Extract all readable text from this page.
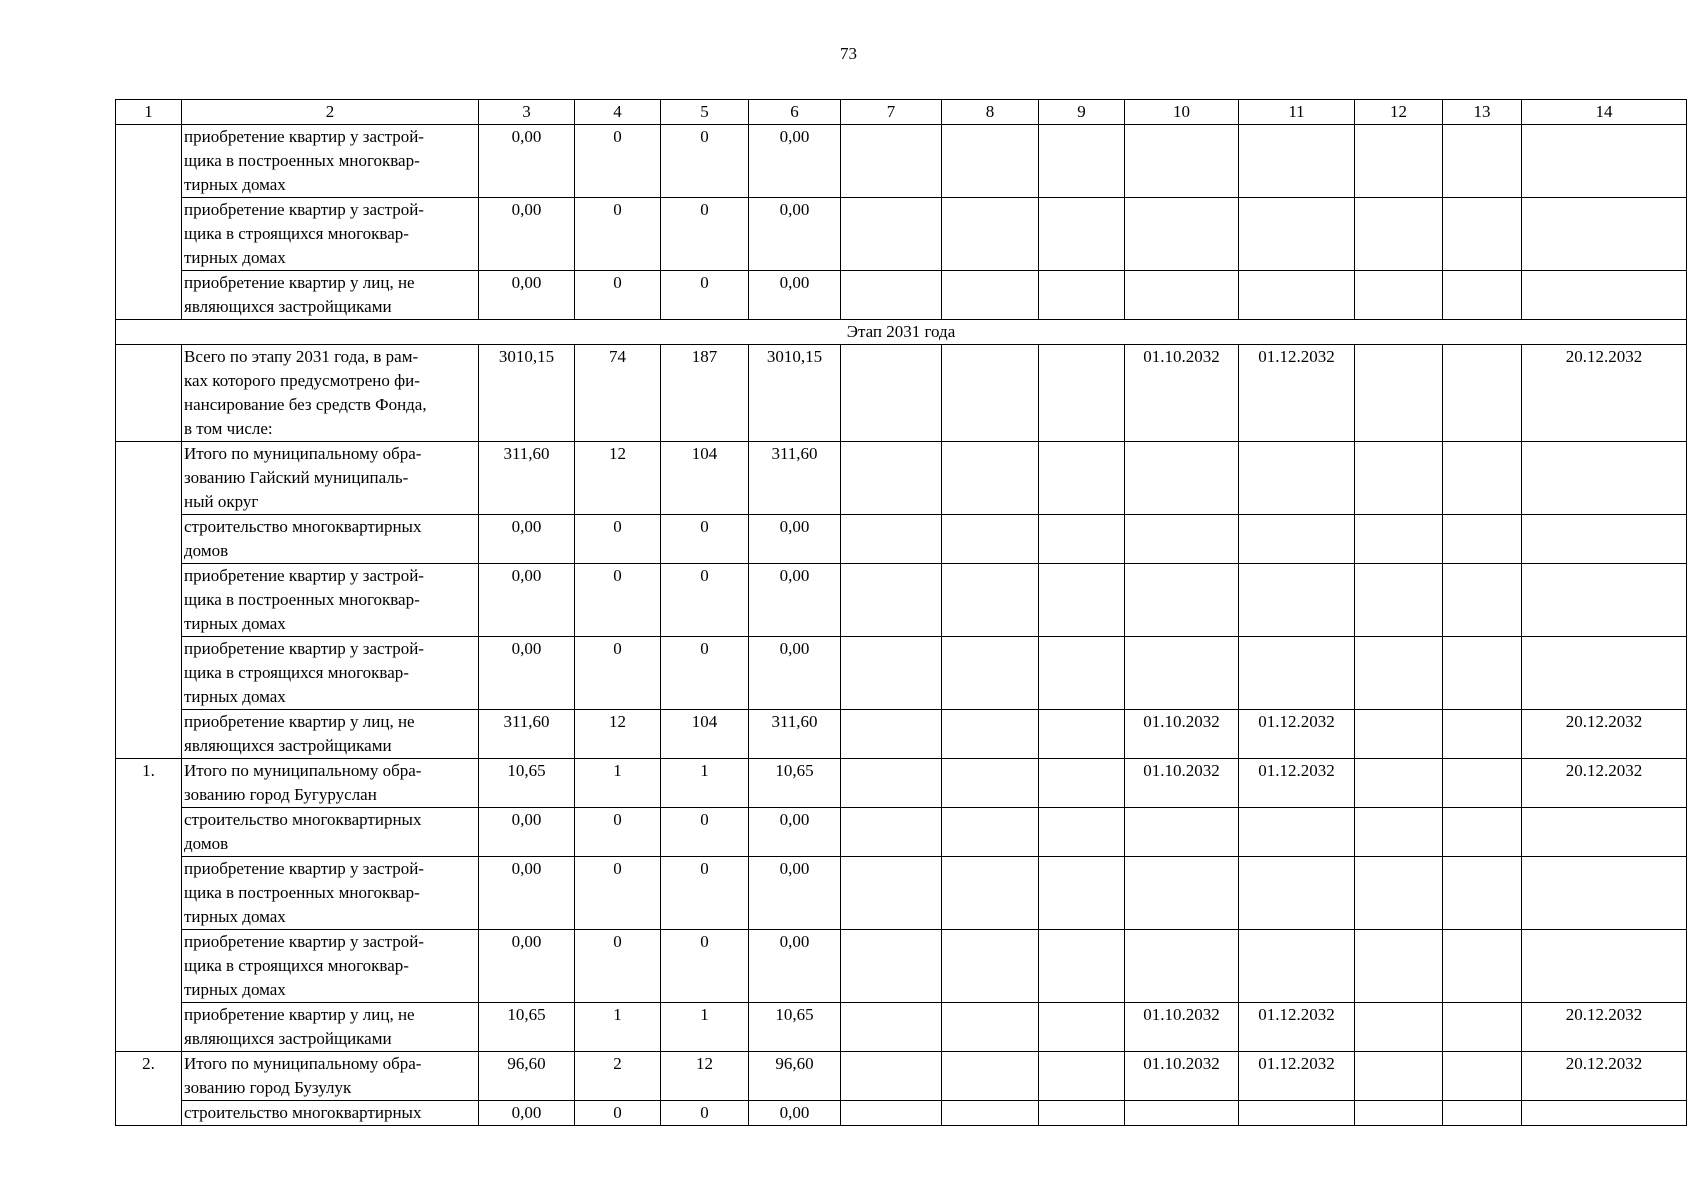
73
1	2	3	4	5	6	7	8	9	10	11	12	13	14

	приобретение квартир у застрой-
щика в построенных многоквар-
тирных домах	0,00	0	0	0,00								

	приобретение квартир у застрой-
щика в строящихся многоквар-
тирных домах	0,00	0	0	0,00								

	приобретение квартир у лиц, не
являющихся застройщиками	0,00	0	0	0,00								
Этап 2031 года													

	Всего по этапу 2031 года, в рам-
ках которого предусмотрено фи-
нансирование без средств Фонда,
в том числе:	3010,15	74	187	3010,15				01.10.2032	01.12.2032			20.12.2032

	Итого по муниципальному обра-
зованию Гайский муниципаль-
ный округ	311,60	12	104	311,60								

	строительство многоквартирных
домов	0,00	0	0	0,00								

	приобретение квартир у застрой-
щика в построенных многоквар-
тирных домах	0,00	0	0	0,00								

	приобретение квартир у застрой-
щика в строящихся многоквар-
тирных домах	0,00	0	0	0,00								

	приобретение квартир у лиц, не
являющихся застройщиками	311,60	12	104	311,60				01.10.2032	01.12.2032			20.12.2032
1.	Итого по муниципальному обра-
зованию город Бугуруслан	10,65	1	1	10,65				01.10.2032	01.12.2032			20.12.2032

	строительство многоквартирных
домов	0,00	0	0	0,00								

	приобретение квартир у застрой-
щика в построенных многоквар-
тирных домах	0,00	0	0	0,00								

	приобретение квартир у застрой-
щика в строящихся многоквар-
тирных домах	0,00	0	0	0,00								

	приобретение квартир у лиц, не
являющихся застройщиками	10,65	1	1	10,65				01.10.2032	01.12.2032			20.12.2032
2.	Итого по муниципальному обра-
зованию город Бузулук	96,60	2	12	96,60				01.10.2032	01.12.2032			20.12.2032

	строительство многоквартирных	0,00	0	0	0,00								
